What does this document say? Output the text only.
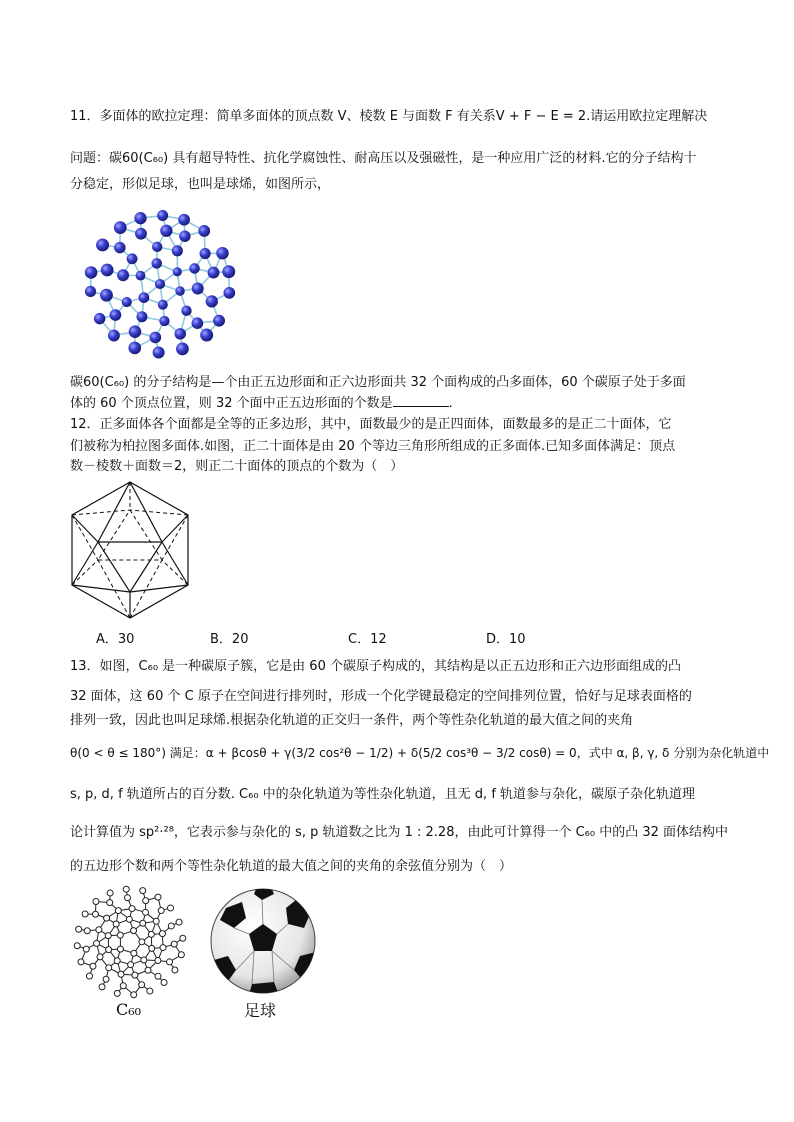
11．多面体的欧拉定理：简单多面体的顶点数 V、棱数 E 与面数 F 有关系V + F − E = 2.请运用欧拉定理解决
问题：碳60(C₆₀) 具有超导特性、抗化学腐蚀性、耐高压以及强磁性，是一种应用广泛的材料.它的分子结构十
分稳定，形似足球，也叫是球烯，如图所示，
碳60(C₆₀) 的分子结构是—个由正五边形面和正六边形面共 32 个面构成的凸多面体，60 个碳原子处于多面
体的 60 个顶点位置，则 32 个面中正五边形面的个数是	.
12．正多面体各个面都是全等的正多边形，其中，面数最少的是正四面体，面数最多的是正二十面体，它
们被称为柏拉图多面体.如图，正二十面体是由 20 个等边三角形所组成的正多面体.已知多面体满足：顶点
数－棱数＋面数＝2，则正二十面体的顶点的个数为（　）
A．30	B．20	C．12	D．10
13．如图，C₆₀ 是一种碳原子簇，它是由 60 个碳原子构成的，其结构是以正五边形和正六边形面组成的凸
32 面体，这 60 个 C 原子在空间进行排列时，形成一个化学键最稳定的空间排列位置，恰好与足球表面格的
排列一致，因此也叫足球烯.根据杂化轨道的正交归一条件，两个等性杂化轨道的最大值之间的夹角
θ(0 < θ ≤ 180°) 满足：α + βcosθ + γ(3/2 cos²θ − 1/2) + δ(5/2 cos³θ − 3/2 cosθ) = 0，式中 α, β, γ, δ 分别为杂化轨道中
s, p, d, f 轨道所占的百分数. C₆₀ 中的杂化轨道为等性杂化轨道，且无 d, f 轨道参与杂化，碳原子杂化轨道理
论计算值为 sp²·²⁸，它表示参与杂化的 s, p 轨道数之比为 1 : 2.28，由此可计算得一个 C₆₀ 中的凸 32 面体结构中
的五边形个数和两个等性杂化轨道的最大值之间的夹角的余弦值分别为（　）
C₆₀	足球
